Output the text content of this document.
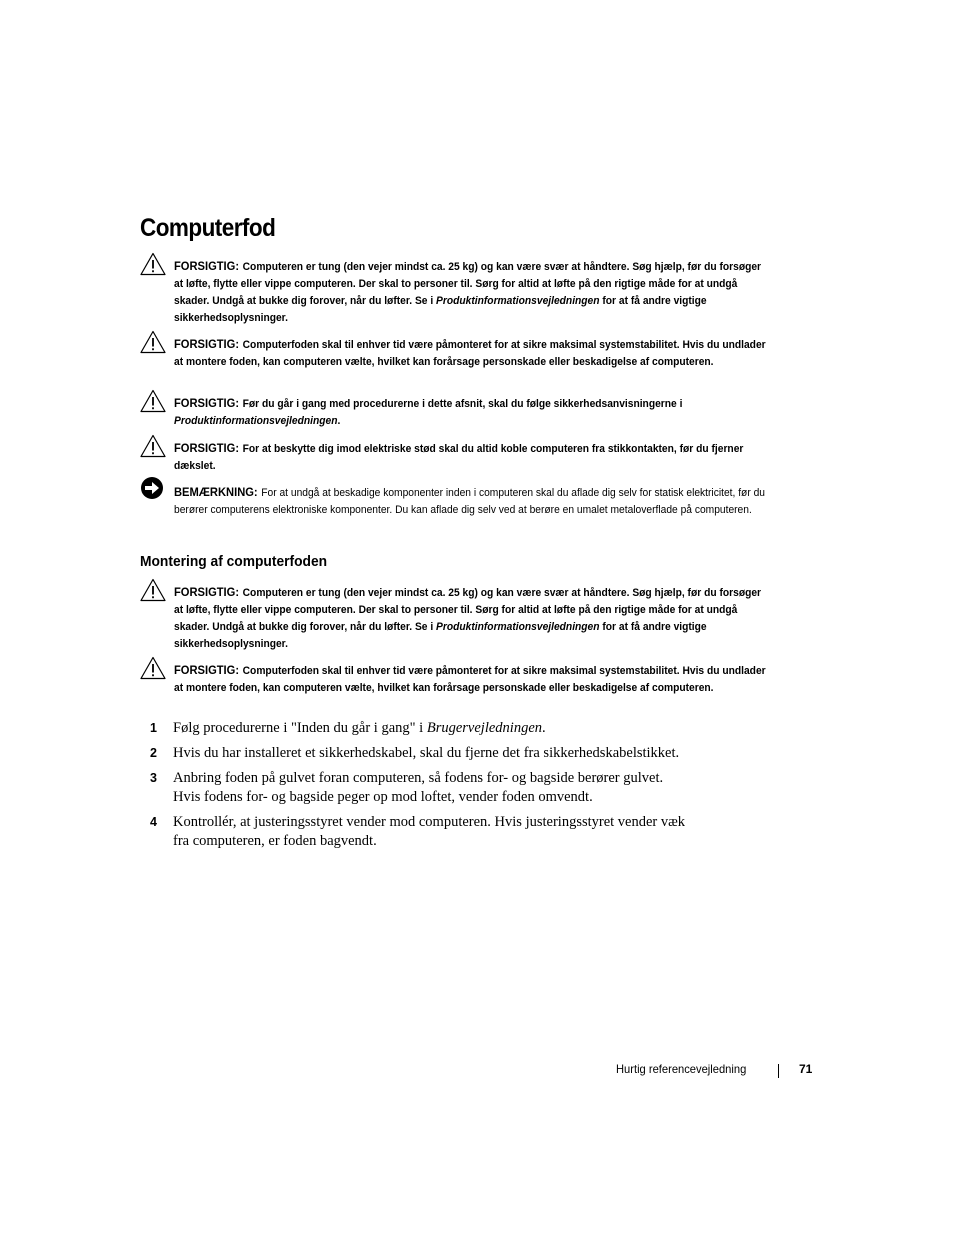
Computerfod
FORSIGTIG: Computeren er tung (den vejer mindst ca. 25 kg) og kan være svær at håndtere. Søg hjælp, før du forsøger at løfte, flytte eller vippe computeren. Der skal to personer til. Sørg for altid at løfte på den rigtige måde for at undgå skader. Undgå at bukke dig forover, når du løfter. Se i Produktinformationsvejledningen for at få andre vigtige sikkerhedsoplysninger.
FORSIGTIG: Computerfoden skal til enhver tid være påmonteret for at sikre maksimal systemstabilitet. Hvis du undlader at montere foden, kan computeren vælte, hvilket kan forårsage personskade eller beskadigelse af computeren.
FORSIGTIG: Før du går i gang med procedurerne i dette afsnit, skal du følge sikkerhedsanvisningerne i Produktinformationsvejledningen.
FORSIGTIG: For at beskytte dig imod elektriske stød skal du altid koble computeren fra stikkontakten, før du fjerner dækslet.
BEMÆRKNING: For at undgå at beskadige komponenter inden i computeren skal du aflade dig selv for statisk elektricitet, før du berører computerens elektroniske komponenter. Du kan aflade dig selv ved at berøre en umalet metaloverflade på computeren.
Montering af computerfoden
FORSIGTIG: Computeren er tung (den vejer mindst ca. 25 kg) og kan være svær at håndtere. Søg hjælp, før du forsøger at løfte, flytte eller vippe computeren. Der skal to personer til. Sørg for altid at løfte på den rigtige måde for at undgå skader. Undgå at bukke dig forover, når du løfter. Se i Produktinformationsvejledningen for at få andre vigtige sikkerhedsoplysninger.
FORSIGTIG: Computerfoden skal til enhver tid være påmonteret for at sikre maksimal systemstabilitet. Hvis du undlader at montere foden, kan computeren vælte, hvilket kan forårsage personskade eller beskadigelse af computeren.
1 Følg procedurerne i "Inden du går i gang" i Brugervejledningen.
2 Hvis du har installeret et sikkerhedskabel, skal du fjerne det fra sikkerhedskabelstikket.
3 Anbring foden på gulvet foran computeren, så fodens for- og bagside berører gulvet.
Hvis fodens for- og bagside peger op mod loftet, vender foden omvendt.
4 Kontrollér, at justeringsstyret vender mod computeren. Hvis justeringsstyret vender væk
fra computeren, er foden bagvendt.
Hurtig referencevejledning	71
